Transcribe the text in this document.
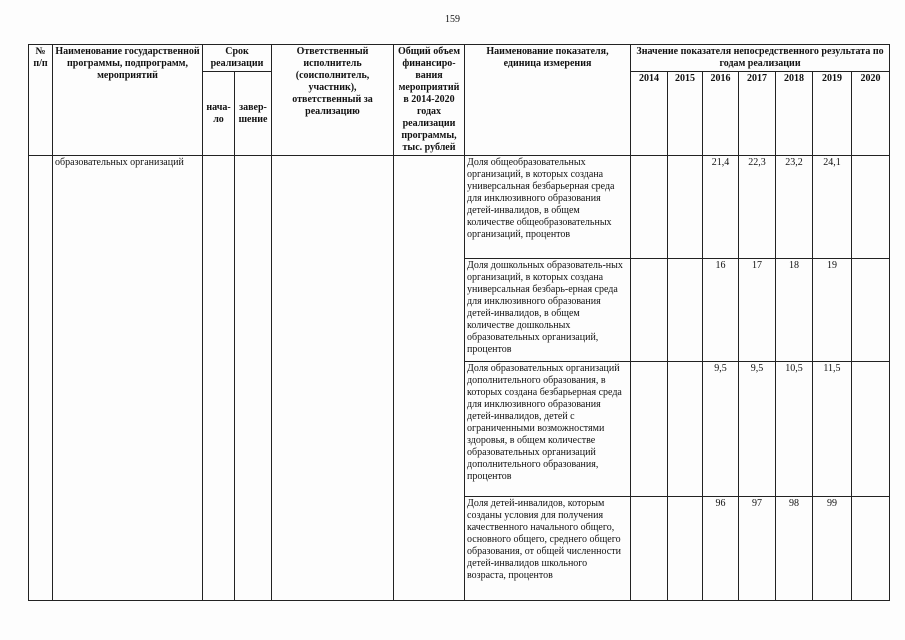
159
№ п/п	Наименование государственной программы, подпрограмм, мероприятий	Срок реализации		Ответственный исполнитель (соисполнитель, участник), ответственный за реализацию	Общий объем финансиро-вания мероприятий в 2014-2020 годах реализации программы, тыс. рублей	Наименование показателя, единица измерения	Значение показателя непосредственного результата по годам реализации						
		нача-ло	завер-шение				2014	2015	2016	2017	2018	2019	2020

	образовательных организаций					Доля общеобразовательных организаций, в которых создана универсальная безбарьерная среда для инклюзивного образования детей-инвалидов, в общем количестве общеобразовательных организаций, процентов			21,4	22,3	23,2	24,1	
						Доля дошкольных образователь-ных организаций, в которых создана универсальная безбарь-ерная среда для инклюзивного образования детей-инвалидов, в общем количестве дошкольных образовательных организаций, процентов			16	17	18	19	
						Доля образовательных организаций дополнительного образования, в которых создана безбарьерная среда для инклюзивного образования детей-инвалидов, детей с ограниченными возможностями здоровья, в общем количестве образовательных организаций дополнительного образования, процентов			9,5	9,5	10,5	11,5	
						Доля детей-инвалидов, которым созданы условия для получения качественного начального общего, основного общего, среднего общего образования, от общей численности детей-инвалидов школьного возраста, процентов			96	97	98	99	
